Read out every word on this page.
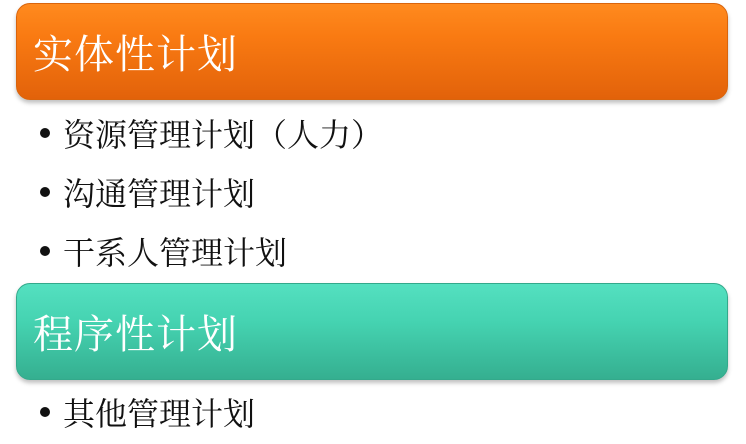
实体性计划
资源管理计划（人力）
沟通管理计划
干系人管理计划
程序性计划
其他管理计划
